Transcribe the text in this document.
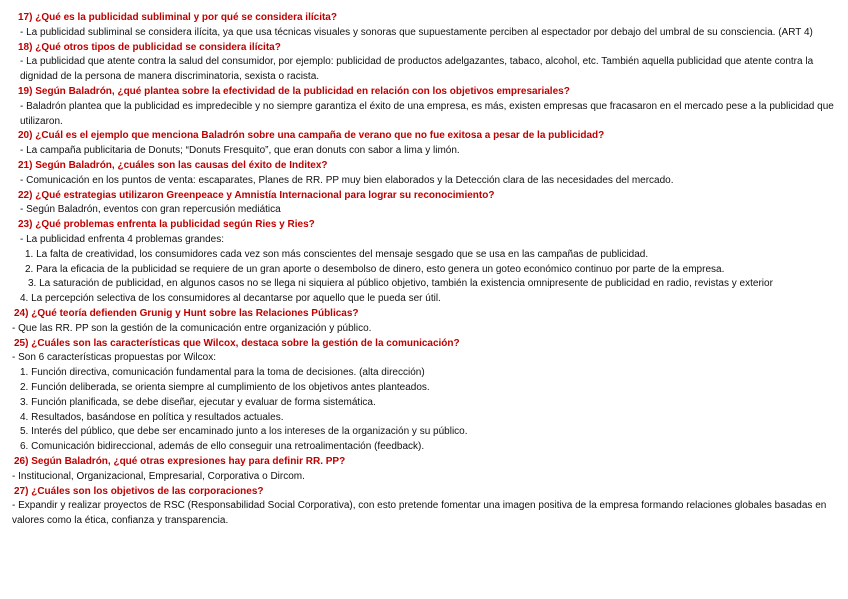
17) ¿Qué es la publicidad subliminal y por qué se considera ilícita?
- La publicidad subliminal se considera ilícita, ya que usa técnicas visuales y sonoras que supuestamente perciben al espectador por debajo del umbral de su consciencia. (ART 4)
18) ¿Qué otros tipos de publicidad se considera ilícita?
- La publicidad que atente contra la salud del consumidor, por ejemplo: publicidad de productos adelgazantes, tabaco, alcohol, etc. También aquella publicidad que atente contra la dignidad de la persona de manera discriminatoria, sexista o racista.
19) Según Baladrón, ¿qué plantea sobre la efectividad de la publicidad en relación con los objetivos empresariales?
- Baladrón plantea que la publicidad es impredecible y no siempre garantiza el éxito de una empresa, es más, existen empresas que fracasaron en el mercado pese a la publicidad que utilizaron.
20) ¿Cuál es el ejemplo que menciona Baladrón sobre una campaña de verano que no fue exitosa a pesar de la publicidad?
- La campaña publicitaria de Donuts; “Donuts Fresquito”, que eran donuts con sabor a lima y limón.
21) Según Baladrón, ¿cuáles son las causas del éxito de Inditex?
- Comunicación en los puntos de venta: escaparates, Planes de RR. PP muy bien elaborados y la Detección clara de las necesidades del mercado.
22) ¿Qué estrategias utilizaron Greenpeace y Amnistía Internacional para lograr su reconocimiento?
- Según Baladrón, eventos con gran repercusión mediática
23) ¿Qué problemas enfrenta la publicidad según Ries y Ries?
- La publicidad enfrenta 4 problemas grandes:
1. La falta de creatividad, los consumidores cada vez son más conscientes del mensaje sesgado que se usa en las campañas de publicidad.
2. Para la eficacia de la publicidad se requiere de un gran aporte o desembolso de dinero, esto genera un goteo económico continuo por parte de la empresa.
3. La saturación de publicidad, en algunos casos no se llega ni siquiera al público objetivo, también la existencia omnipresente de publicidad en radio, revistas y exterior
4. La percepción selectiva de los consumidores al decantarse por aquello que le pueda ser útil.
24) ¿Qué teoría defienden Grunig y Hunt sobre las Relaciones Públicas?
- Que las RR. PP son la gestión de la comunicación entre organización y público.
25) ¿Cuáles son las características que Wilcox, destaca sobre la gestión de la comunicación?
- Son 6 características propuestas por Wilcox:
1. Función directiva, comunicación fundamental para la toma de decisiones. (alta dirección)
2. Función deliberada, se orienta siempre al cumplimiento de los objetivos antes planteados.
3. Función planificada, se debe diseñar, ejecutar y evaluar de forma sistemática.
4. Resultados, basándose en política y resultados actuales.
5. Interés del público, que debe ser encaminado junto a los intereses de la organización y su público.
6. Comunicación bidireccional, además de ello conseguir una retroalimentación (feedback).
26) Según Baladrón, ¿qué otras expresiones hay para definir RR. PP?
- Institucional, Organizacional, Empresarial, Corporativa o Dircom.
27) ¿Cuáles son los objetivos de las corporaciones?
- Expandir y realizar proyectos de RSC (Responsabilidad Social Corporativa), con esto pretende fomentar una imagen positiva de la empresa formando relaciones globales basadas en valores como la ética, confianza y transparencia.
